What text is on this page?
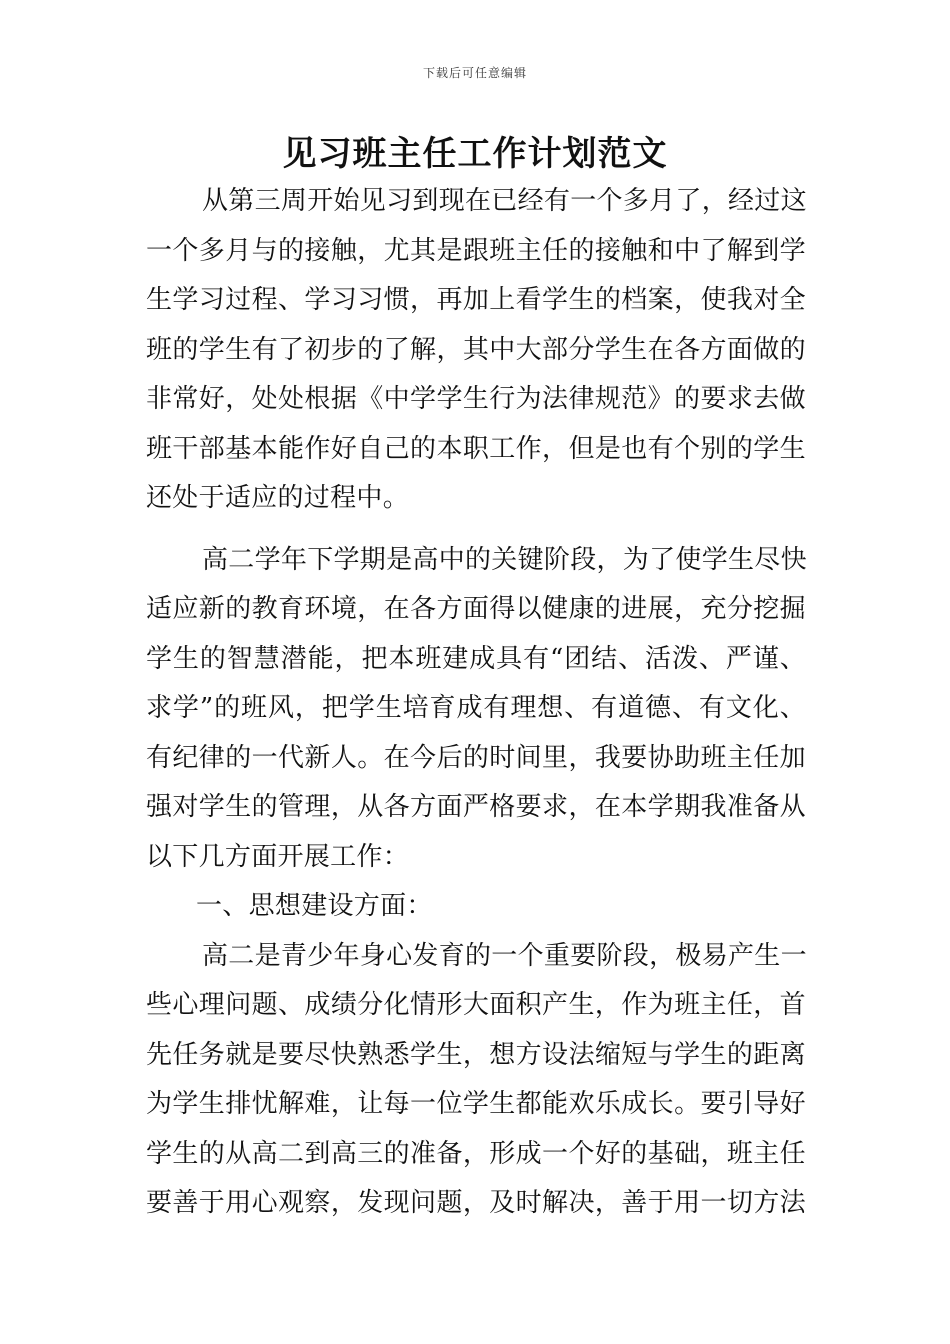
下载后可任意编辑
见习班主任工作计划范文
从第三周开始见习到现在已经有一个多月了，经过这
一个多月与的接触，尤其是跟班主任的接触和中了解到学
生学习过程、学习习惯，再加上看学生的档案，使我对全
班的学生有了初步的了解，其中大部分学生在各方面做的
非常好，处处根据《中学学生行为法律规范》的要求去做
班干部基本能作好自己的本职工作，但是也有个别的学生
还处于适应的过程中。
高二学年下学期是高中的关键阶段，为了使学生尽快
适应新的教育环境，在各方面得以健康的进展，充分挖掘
学生的智慧潜能，把本班建成具有“团结、活泼、严谨、
求学”的班风，把学生培育成有理想、有道德、有文化、
有纪律的一代新人。在今后的时间里，我要协助班主任加
强对学生的管理，从各方面严格要求，在本学期我准备从
以下几方面开展工作：
一、思想建设方面：
高二是青少年身心发育的一个重要阶段，极易产生一
些心理问题、成绩分化情形大面积产生，作为班主任，首
先任务就是要尽快熟悉学生，想方设法缩短与学生的距离
为学生排忧解难，让每一位学生都能欢乐成长。要引导好
学生的从高二到高三的准备，形成一个好的基础，班主任
要善于用心观察，发现问题，及时解决，善于用一切方法
